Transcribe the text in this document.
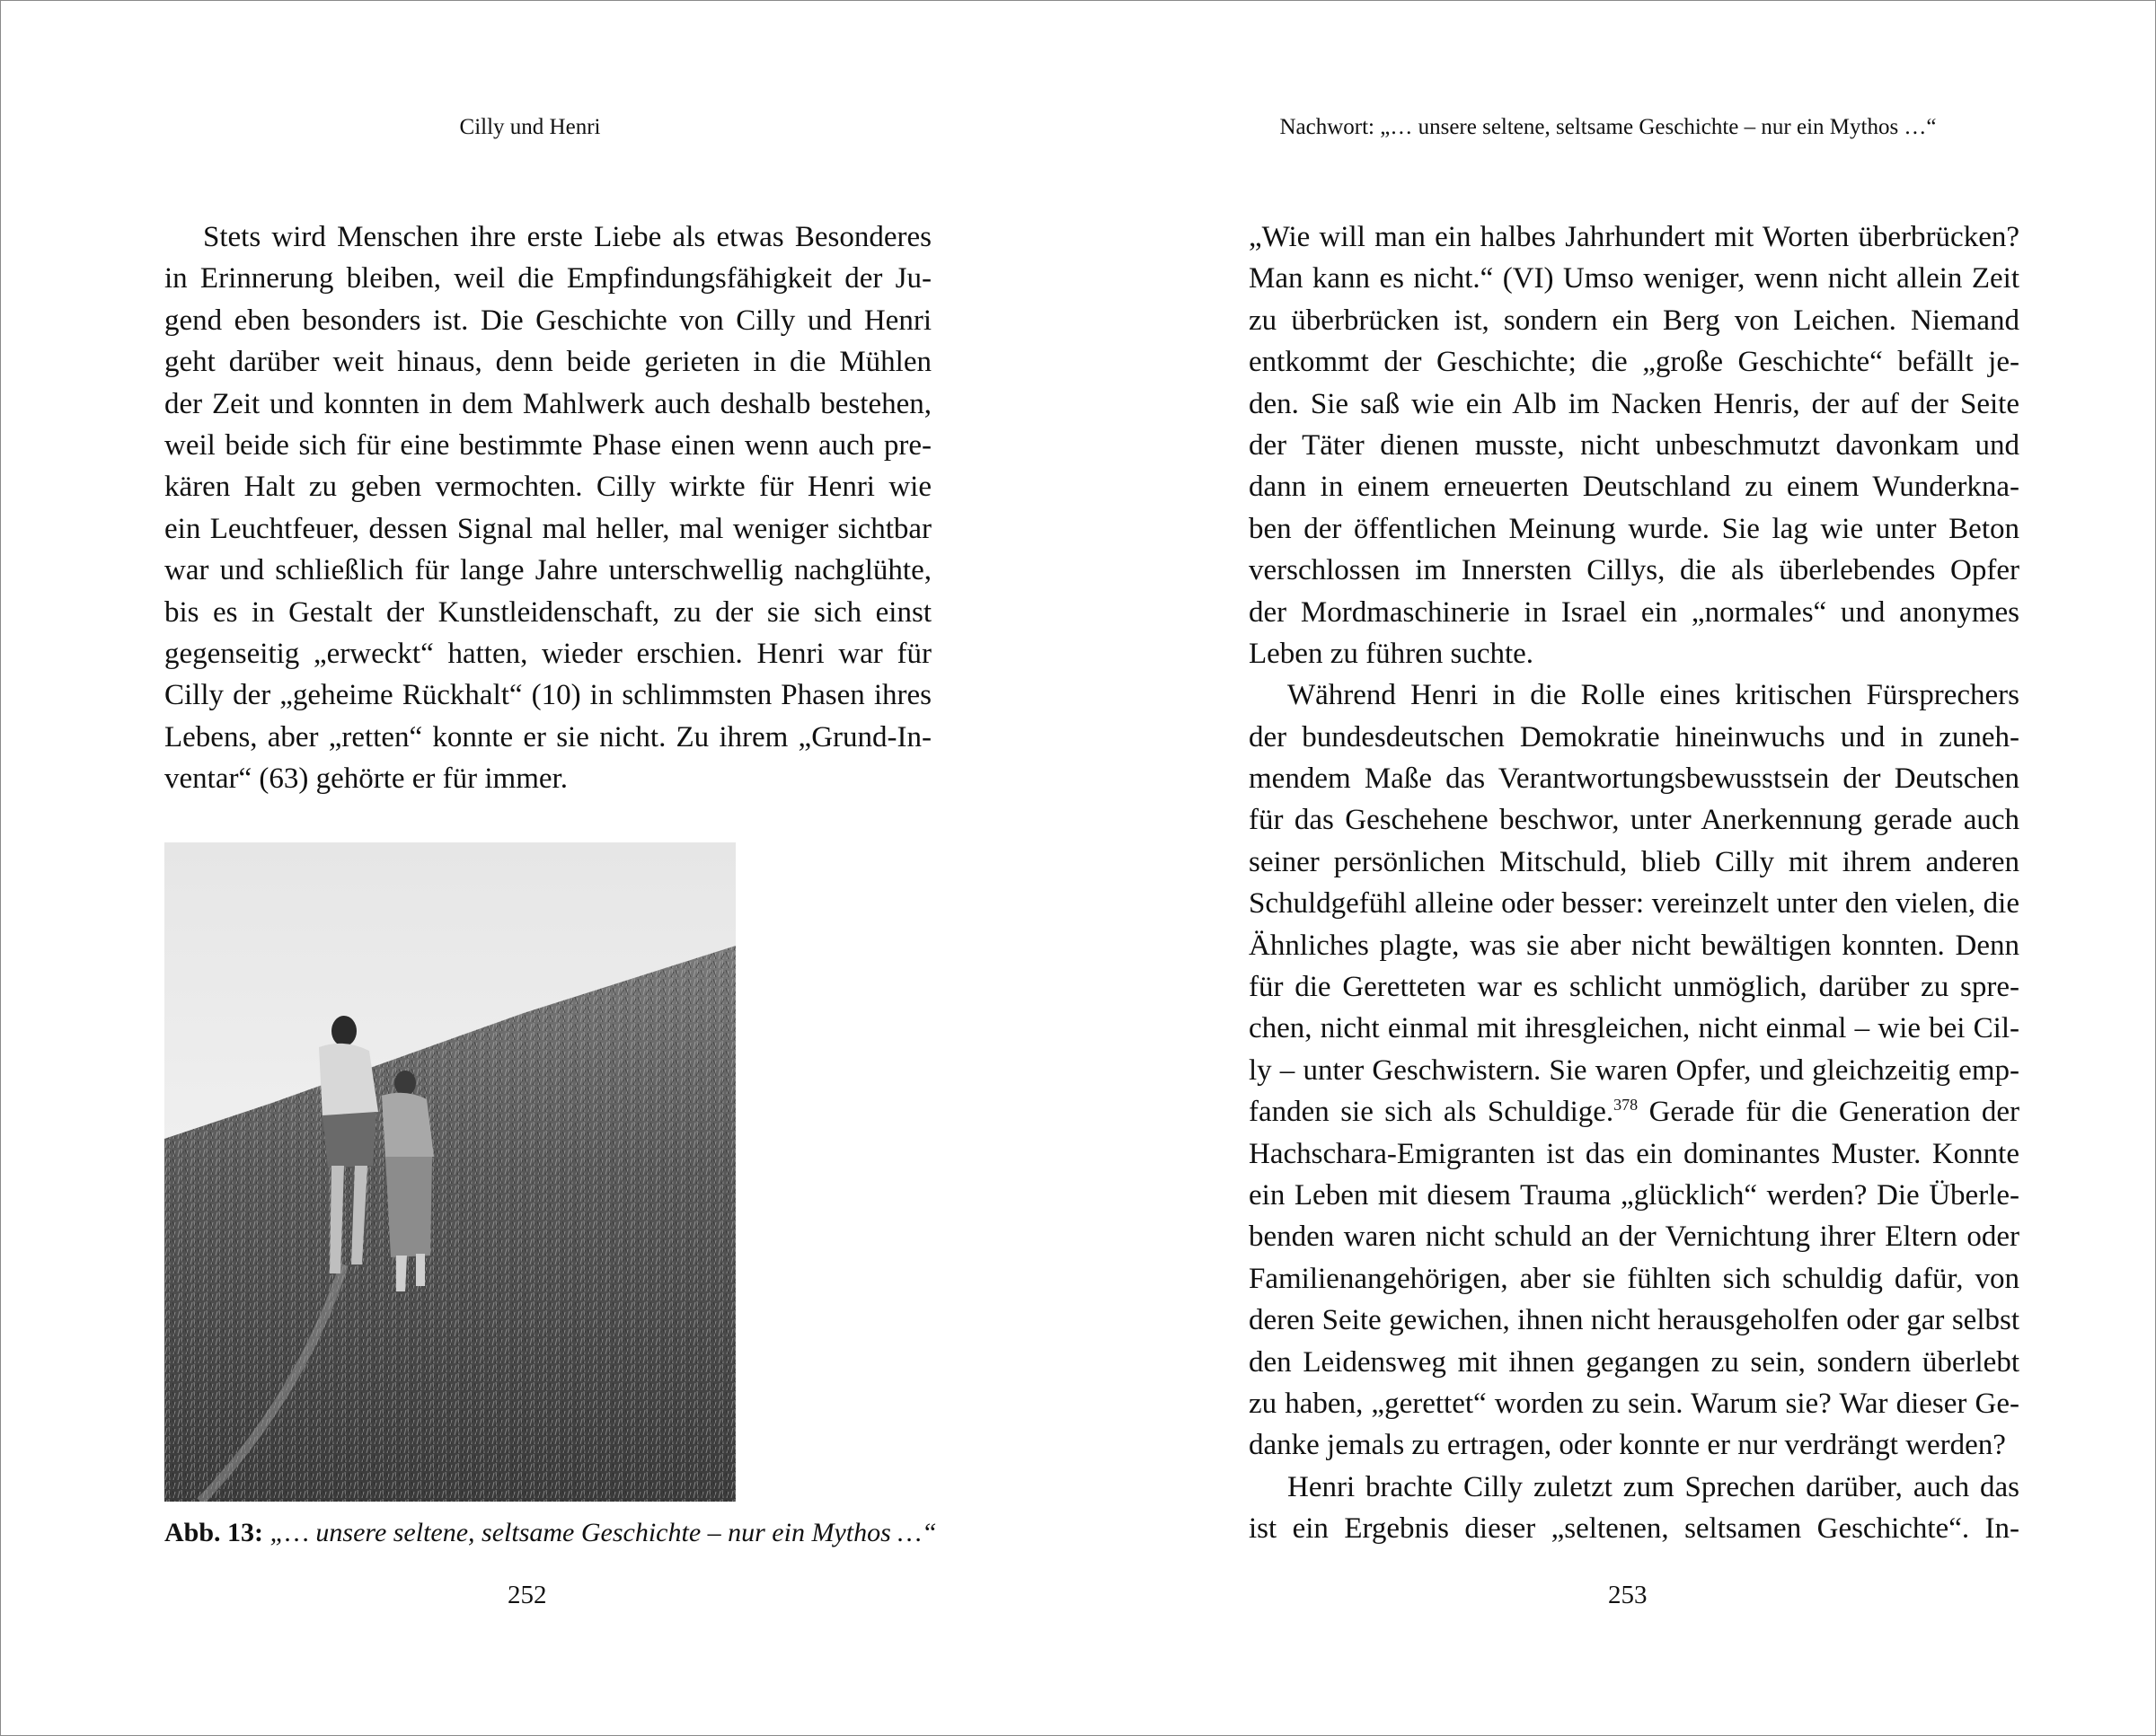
Cilly und Henri
Stets wird Menschen ihre erste Liebe als etwas Besonderes
in Erinnerung bleiben, weil die Empfindungsfähigkeit der Ju-
gend eben besonders ist. Die Geschichte von Cilly und Henri
geht darüber weit hinaus, denn beide gerieten in die Mühlen
der Zeit und konnten in dem Mahlwerk auch deshalb bestehen,
weil beide sich für eine bestimmte Phase einen wenn auch pre-
kären Halt zu geben vermochten. Cilly wirkte für Henri wie
ein Leuchtfeuer, dessen Signal mal heller, mal weniger sichtbar
war und schließlich für lange Jahre unterschwellig nachglühte,
bis es in Gestalt der Kunstleidenschaft, zu der sie sich einst
gegenseitig „erweckt“ hatten, wieder erschien. Henri war für
Cilly der „geheime Rückhalt“ (10) in schlimmsten Phasen ihres
Lebens, aber „retten“ konnte er sie nicht. Zu ihrem „Grund-In-
ventar“ (63) gehörte er für immer.
Abb. 13: „… unsere seltene, seltsame Geschichte – nur ein Mythos …“
252
Nachwort: „… unsere seltene, seltsame Geschichte – nur ein Mythos …“
„Wie will man ein halbes Jahrhundert mit Worten überbrücken?
Man kann es nicht.“ (VI) Umso weniger, wenn nicht allein Zeit
zu überbrücken ist, sondern ein Berg von Leichen. Niemand
entkommt der Geschichte; die „große Geschichte“ befällt je-
den. Sie saß wie ein Alb im Nacken Henris, der auf der Seite
der Täter dienen musste, nicht unbeschmutzt davonkam und
dann in einem erneuerten Deutschland zu einem Wunderkna-
ben der öffentlichen Meinung wurde. Sie lag wie unter Beton
verschlossen im Innersten Cillys, die als überlebendes Opfer
der Mordmaschinerie in Israel ein „normales“ und anonymes
Leben zu führen suchte.
Während Henri in die Rolle eines kritischen Fürsprechers
der bundesdeutschen Demokratie hineinwuchs und in zuneh-
mendem Maße das Verantwortungsbewusstsein der Deutschen
für das Geschehene beschwor, unter Anerkennung gerade auch
seiner persönlichen Mitschuld, blieb Cilly mit ihrem anderen
Schuldgefühl alleine oder besser: vereinzelt unter den vielen, die
Ähnliches plagte, was sie aber nicht bewältigen konnten. Denn
für die Geretteten war es schlicht unmöglich, darüber zu spre-
chen, nicht einmal mit ihresgleichen, nicht einmal – wie bei Cil-
ly – unter Geschwistern. Sie waren Opfer, und gleichzeitig emp-
fanden sie sich als Schuldige.$^{378}$ Gerade für die Generation der
Hachschara-Emigranten ist das ein dominantes Muster. Konnte
ein Leben mit diesem Trauma „glücklich“ werden? Die Überle-
benden waren nicht schuld an der Vernichtung ihrer Eltern oder
Familienangehörigen, aber sie fühlten sich schuldig dafür, von
deren Seite gewichen, ihnen nicht herausgeholfen oder gar selbst
den Leidensweg mit ihnen gegangen zu sein, sondern überlebt
zu haben, „gerettet“ worden zu sein. Warum sie? War dieser Ge-
danke jemals zu ertragen, oder konnte er nur verdrängt werden?
Henri brachte Cilly zuletzt zum Sprechen darüber, auch das
ist ein Ergebnis dieser „seltenen, seltsamen Geschichte“. In-
253
